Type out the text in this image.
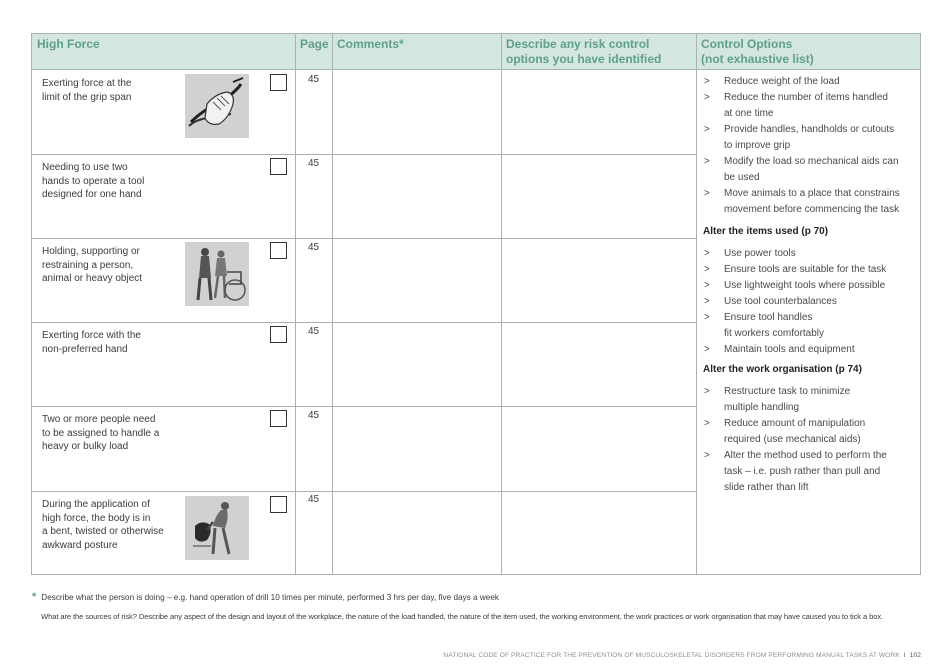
High Force	Page Comments*	Describe any risk control
options you have identified
Control Options
(not exhaustive list)
Exerting force at the
limit of the grip span
45
Needing to use two
hands to operate a tool
designed for one hand
45
Holding, supporting or
restraining a person,
animal or heavy object
45
Exerting force with the
non-preferred hand
45
Two or more people need
to be assigned to handle a
heavy or bulky load
45
During the application of
high force, the body is in
a bent, twisted or otherwise
awkward posture
45
> Reduce weight of the load
> Reduce the number of items handled
at one time
> Provide handles, handholds or cutouts
to improve grip
> Modify the load so mechanical aids can
be used
> Move animals to a place that constrains
movement before commencing the task
Alter the items used (p 70)
> Use power tools
> Ensure tools are suitable for the task
> Use lightweight tools where possible
> Use tool counterbalances
> Ensure tool handles
fit workers comfortably
> Maintain tools and equipment
Alter the work organisation (p 74)
> Restructure task to minimize
multiple handling
> Reduce amount of manipulation
required (use mechanical aids)
> Alter the method used to perform the
task – i.e. push rather than pull and
slide rather than lift
* Describe what the person is doing – e.g. hand operation of drill 10 times per minute, performed 3 hrs per day, five days a week
What are the sources of risk? Describe any aspect of the design and layout of the workplace, the nature of the load handled, the nature of the item used, the working environment, the work practices or work organisation that may have caused you to tick a box.
NATIONAL CODE OF PRACTICE FOR THE PREVENTION OF MUSCULOSKELETAL DISORDERS FROM PERFORMING MANUAL TASKS AT WORK I 102
